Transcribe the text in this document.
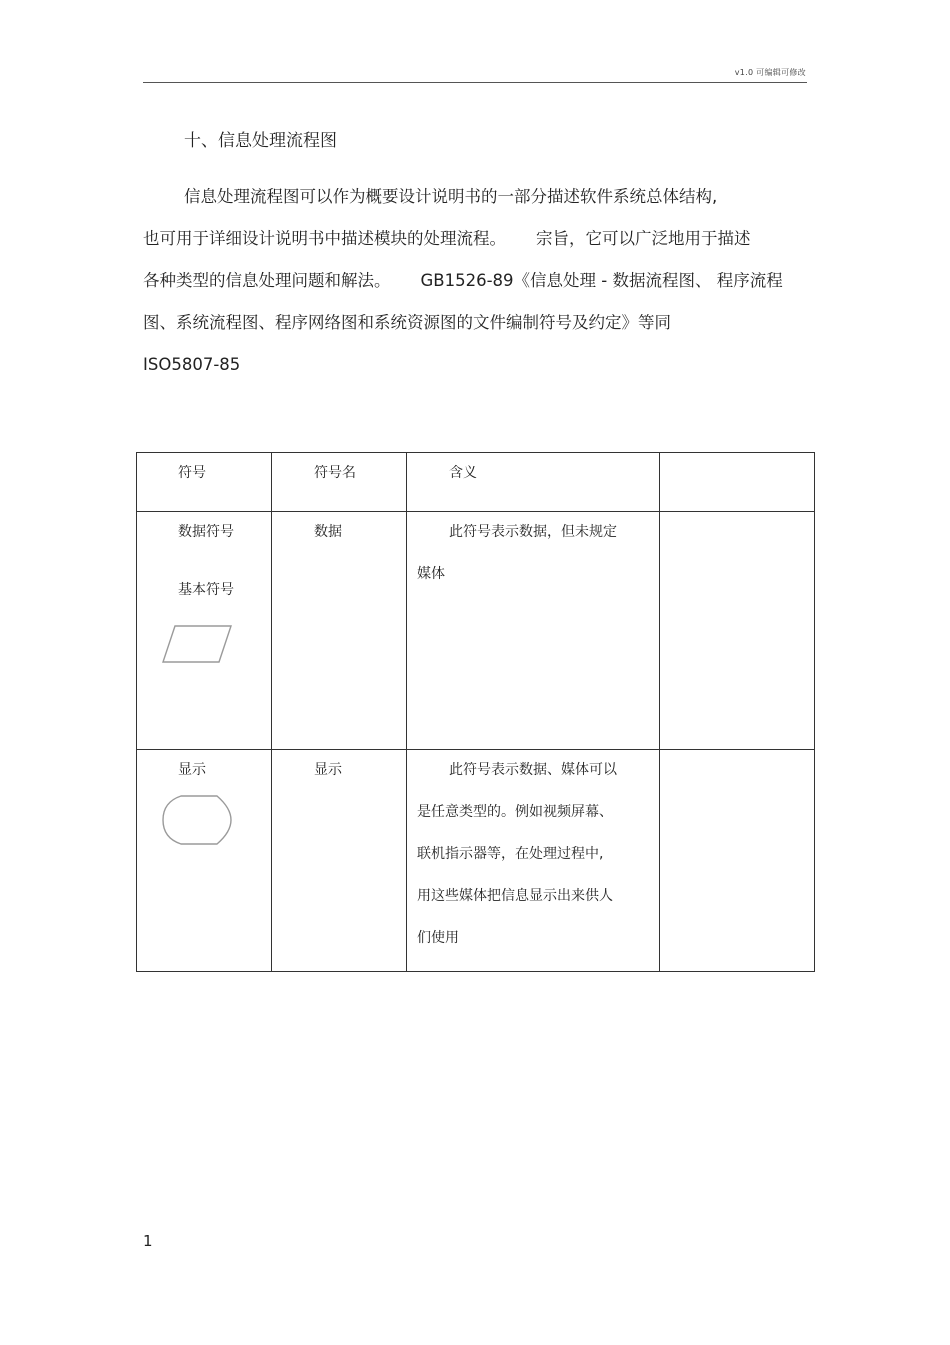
v1.0 可编辑可修改
十、信息处理流程图
信息处理流程图可以作为概要设计说明书的一部分描述软件系统总体结构,
也可用于详细设计说明书中描述模块的处理流程。 宗旨，它可以广泛地用于描述
各种类型的信息处理问题和解法。 GB1526-89《信息处理 - 数据流程图、 程序流程
图、系统流程图、程序网络图和系统资源图的文件编制符号及约定》等同
ISO5807-85
符号	符号名	含义	

数据符号
基本符号	数据	此符号表示数据，但未规定
媒体	

显示	显示	此符号表示数据、媒体可以
是任意类型的。例如视频屏幕、
联机指示器等，在处理过程中,
用这些媒体把信息显示出来供人
们使用	

1
